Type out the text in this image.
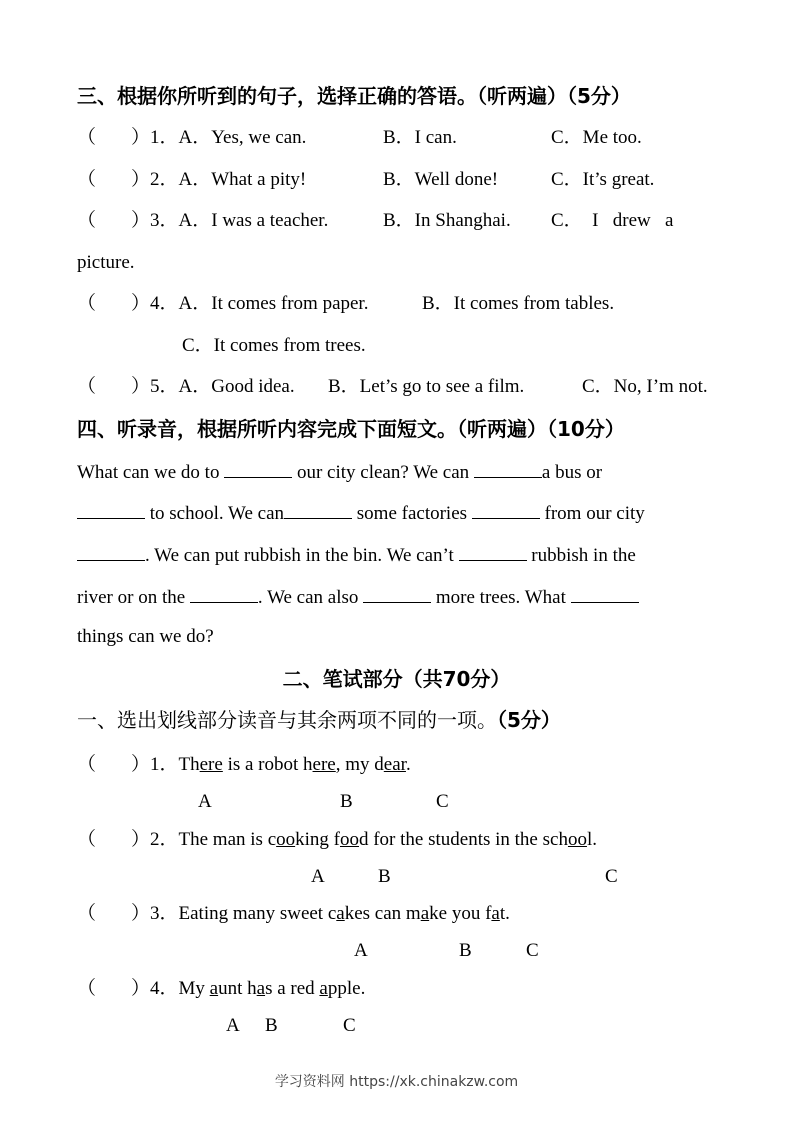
三、根据你所听到的句子，选择正确的答语。（听两遍）（5分）
（ ）1．A．Yes, we can.	B．I can.	C．Me too.
（ ）2．A．What a pity!	B．Well done!	C．It’s great.
（ ）3．A．I was a teacher.	B．In Shanghai. C．  I   drew   a
picture.
（ ）4．A．It comes from paper.	B．It comes from tables.
C．It comes from trees.
（ ）5．A．Good idea. B．Let’s go to see a film.	C．No, I’m not.
四、听录音，根据所听内容完成下面短文。（听两遍）（10分）
What can we do to	our city clean? We can	a bus or
to school. We can	some factories	from our city
. We can put rubbish in the bin. We can’t	rubbish in the
river or on the	. We can also	more trees. What
things can we do?
二、笔试部分（共70分）
一、选出划线部分读音与其余两项不同的一项。（5分）
（ ）1．There is a robot here, my dear.
A	B	C
（ ）2．The man is cooking food for the students in the school.
A	B	C
（ ）3．Eating many sweet cakes can make you fat.
A	B	C
（ ）4．My aunt has a red apple.
A B	C
学习资料网 https://xk.chinakzw.com
